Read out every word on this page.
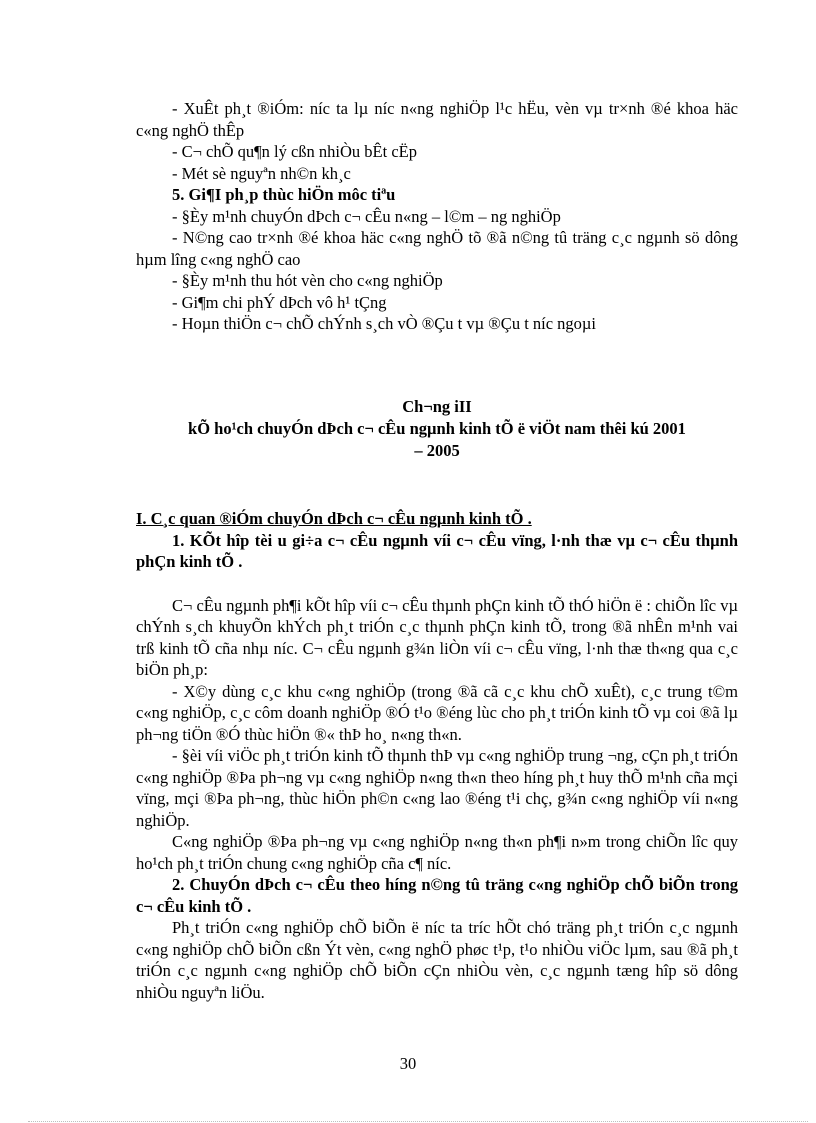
- XuÊt ph¸t ®iÓm: níc ta lµ níc n«ng nghiÖp l¹c hËu, vèn vµ tr×nh ®é khoa häc c«ng nghÖ thÊp

- C¬ chÕ qu¶n lý cßn nhiÒu bÊt cËp

- Mét sè nguyªn nh©n kh¸c

5. Gi¶I ph¸p thùc hiÖn môc tiªu

- §Èy m¹nh chuyÓn dÞch c¬ cÊu n«ng – l©m – ng nghiÖp

- N©ng cao tr×nh ®é khoa häc c«ng nghÖ tõ ®ã n©ng tû träng c¸c ngµnh sö dông hµm lîng c«ng nghÖ cao

- §Èy m¹nh thu hót vèn cho c«ng nghiÖp

- Gi¶m chi phÝ dÞch vô h¹ tÇng

- Hoµn thiÖn c¬ chÕ chÝnh s¸ch vÒ ®Çu t vµ ®Çu t níc ngoµi

Ch¬ng iII
kÕ ho¹ch chuyÓn dÞch c¬ cÊu ngµnh kinh tÕ ë viÖt nam thêi kú 2001
– 2005

I. C¸c quan ®iÓm chuyÓn dÞch c¬ cÊu ngµnh kinh tÕ .

1. KÕt hîp tèi u gi÷a c¬ cÊu ngµnh víi c¬ cÊu vïng, l·nh thæ vµ c¬ cÊu thµnh phÇn kinh tÕ .

C¬ cÊu ngµnh ph¶i kÕt hîp víi c¬ cÊu thµnh phÇn kinh tÕ thÓ hiÖn ë : chiÕn lîc vµ chÝnh s¸ch khuyÕn khÝch ph¸t triÓn c¸c thµnh phÇn kinh tÕ, trong ®ã nhÊn m¹nh vai trß kinh tÕ cña nhµ níc. C¬ cÊu ngµnh g¾n liÒn víi c¬ cÊu vïng, l·nh thæ th«ng qua c¸c biÖn ph¸p:

- X©y dùng c¸c khu c«ng nghiÖp (trong ®ã cã c¸c khu chÕ xuÊt), c¸c trung t©m c«ng nghiÖp, c¸c côm doanh nghiÖp ®Ó t¹o ®éng lùc cho ph¸t triÓn kinh tÕ vµ coi ®ã lµ ph¬ng tiÖn ®Ó thùc hiÖn ®« thÞ ho¸ n«ng th«n.

- §èi víi viÖc ph¸t triÓn kinh tÕ thµnh thÞ vµ c«ng nghiÖp trung ¬ng, cÇn ph¸t triÓn c«ng nghiÖp ®Þa ph¬ng vµ c«ng nghiÖp n«ng th«n theo híng ph¸t huy thÕ m¹nh cña mçi vïng, mçi ®Þa ph¬ng, thùc hiÖn ph©n c«ng lao ®éng t¹i chç, g¾n c«ng nghiÖp víi n«ng nghiÖp.

C«ng nghiÖp ®Þa ph¬ng vµ c«ng nghiÖp n«ng th«n ph¶i n»m trong chiÕn lîc quy ho¹ch ph¸t triÓn chung c«ng nghiÖp cña c¶ níc.

2. ChuyÓn dÞch c¬ cÊu theo híng n©ng tû träng c«ng nghiÖp chÕ biÕn trong c¬ cÊu kinh tÕ .

Ph¸t triÓn c«ng nghiÖp chÕ biÕn ë níc ta tríc hÕt chó träng ph¸t triÓn c¸c ngµnh c«ng nghiÖp chÕ biÕn cßn Ýt vèn, c«ng nghÖ phøc t¹p, t¹o nhiÒu viÖc lµm, sau ®ã ph¸t triÓn c¸c ngµnh c«ng nghiÖp chÕ biÕn cÇn nhiÒu vèn, c¸c ngµnh tæng hîp sö dông nhiÒu nguyªn liÖu.

30
